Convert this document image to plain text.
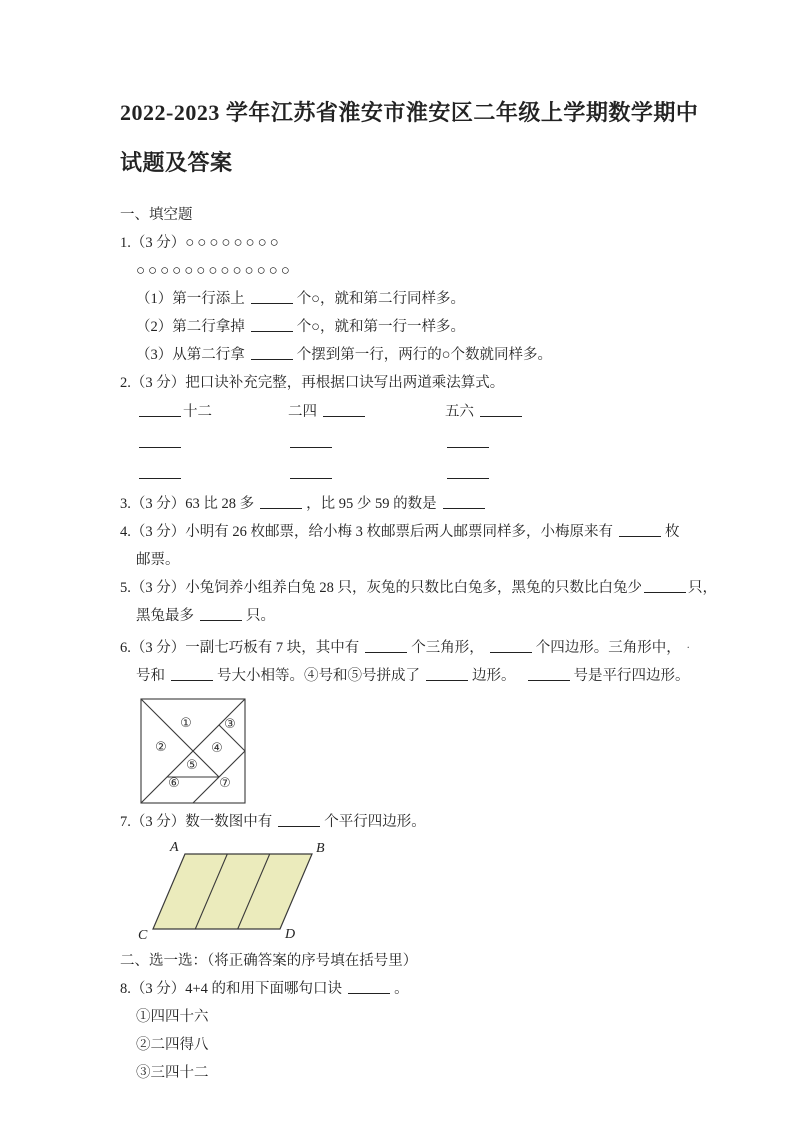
2022-2023 学年江苏省淮安市淮安区二年级上学期数学期中
试题及答案
一、填空题
1.（3 分）○○○○○○○○
○○○○○○○○○○○○○
（1）第一行添上	个○，就和第二行同样多。
（2）第二行拿掉	个○，就和第一行一样多。
（3）从第二行拿	个摆到第一行，两行的○个数就同样多。
2.（3 分）把口诀补充完整，再根据口诀写出两道乘法算式。
十二	二四	五六
3.（3 分）63 比 28 多	，比 95 少 59 的数是
4.（3 分）小明有 26 枚邮票，给小梅 3 枚邮票后两人邮票同样多，小梅原来有	枚
邮票。
5.（3 分）小兔饲养小组养白兔 28 只，灰兔的只数比白兔多，黑兔的只数比白兔少	只，
黑兔最多	只。
6.（3 分）一副七巧板有 7 块，其中有	个三角形，	个四边形。三角形中， .
号和	号大小相等。④号和⑤号拼成了	边形。	号是平行四边形。
①
②
③
④
⑤
⑥	⑦
7.（3 分）数一数图中有	个平行四边形。
A	B
C	D
二、选一选：（将正确答案的序号填在括号里）
8.（3 分）4+4 的和用下面哪句口诀	。
①四四十六
②二四得八
③三四十二
